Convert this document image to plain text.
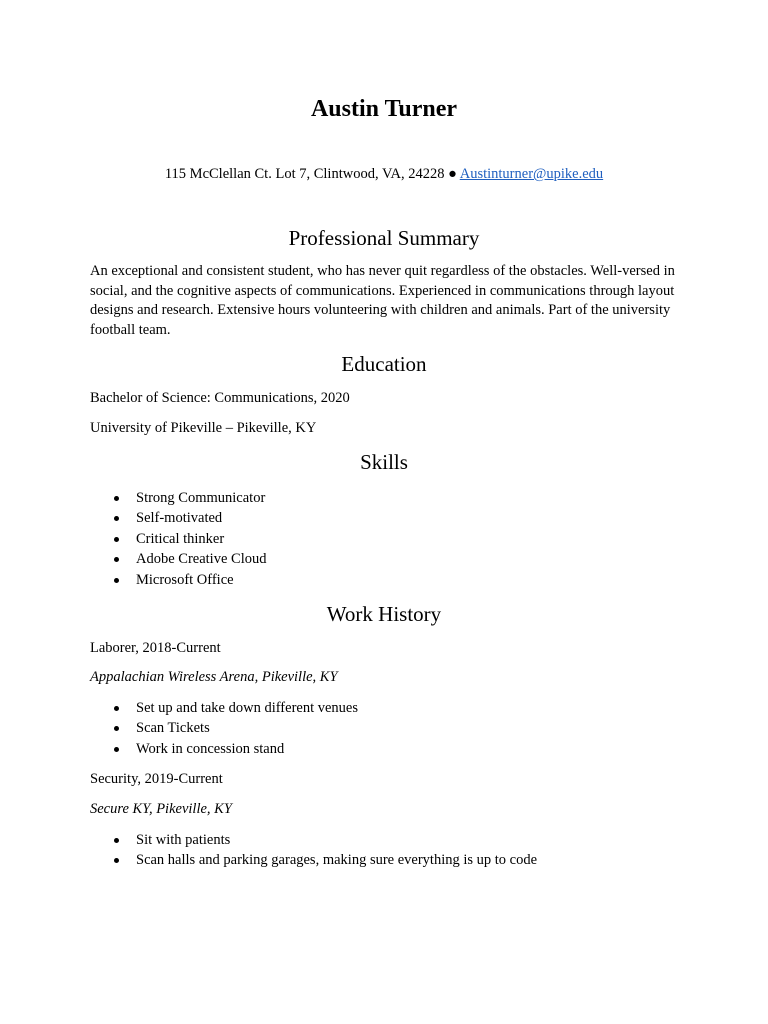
Austin Turner
115 McClellan Ct. Lot 7, Clintwood, VA, 24228 ● Austinturner@upike.edu
Professional Summary
An exceptional and consistent student, who has never quit regardless of the obstacles. Well-versed in social, and the cognitive aspects of communications. Experienced in communications through layout designs and research. Extensive hours volunteering with children and animals. Part of the university football team.
Education
Bachelor of Science: Communications, 2020
University of Pikeville – Pikeville, KY
Skills
Strong Communicator
Self-motivated
Critical thinker
Adobe Creative Cloud
Microsoft Office
Work History
Laborer, 2018-Current
Appalachian Wireless Arena, Pikeville, KY
Set up and take down different venues
Scan Tickets
Work in concession stand
Security, 2019-Current
Secure KY, Pikeville, KY
Sit with patients
Scan halls and parking garages, making sure everything is up to code
